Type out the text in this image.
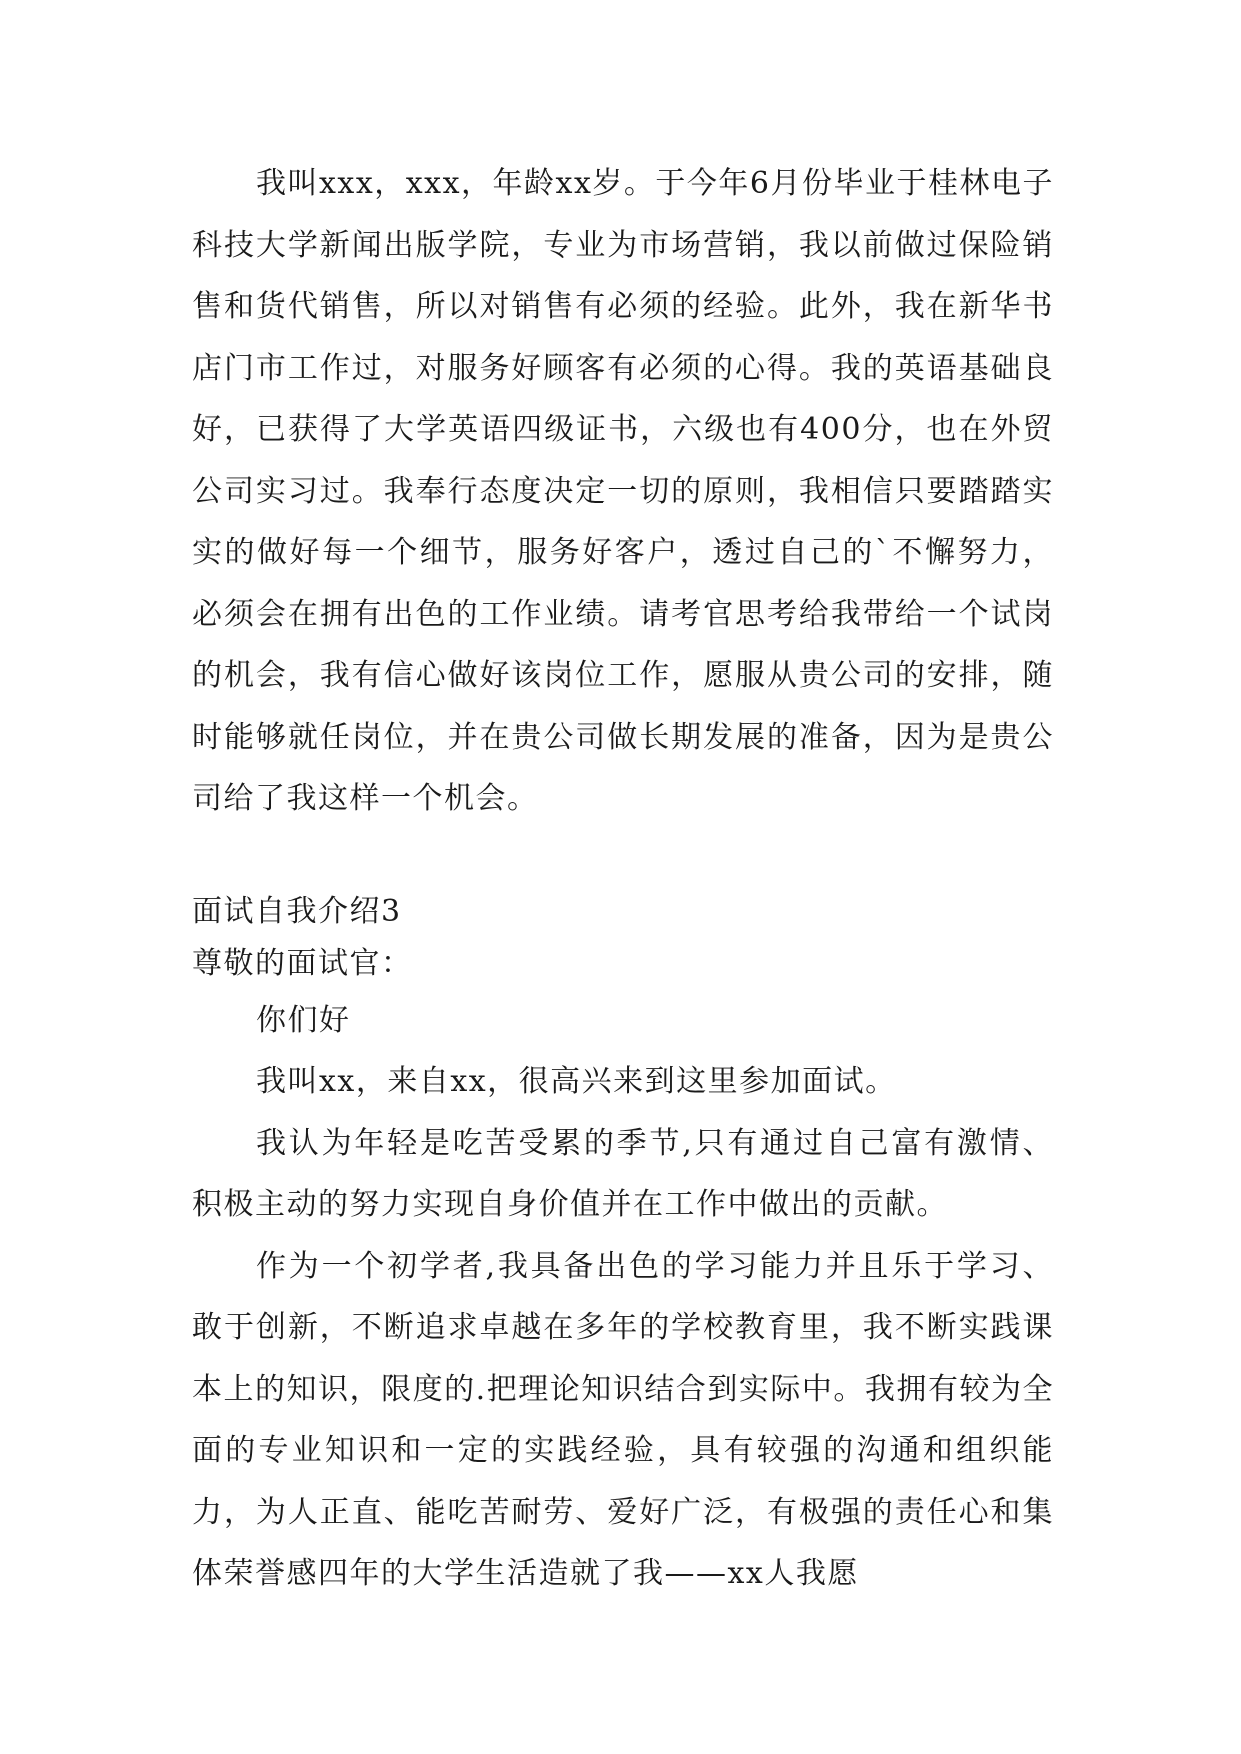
我叫xxx，xxx，年龄xx岁。于今年6月份毕业于桂林电子科技大学新闻出版学院，专业为市场营销，我以前做过保险销售和货代销售，所以对销售有必须的经验。此外，我在新华书店门市工作过，对服务好顾客有必须的心得。我的英语基础良好，已获得了大学英语四级证书，六级也有400分，也在外贸公司实习过。我奉行态度决定一切的原则，我相信只要踏踏实实的做好每一个细节，服务好客户，透过自己的`不懈努力，必须会在拥有出色的工作业绩。请考官思考给我带给一个试岗的机会，我有信心做好该岗位工作，愿服从贵公司的安排，随时能够就任岗位，并在贵公司做长期发展的准备，因为是贵公司给了我这样一个机会。

面试自我介绍3

尊敬的面试官：

你们好

我叫xx，来自xx，很高兴来到这里参加面试。

我认为年轻是吃苦受累的季节,只有通过自己富有激情、积极主动的努力实现自身价值并在工作中做出的贡献。

作为一个初学者,我具备出色的学习能力并且乐于学习、敢于创新，不断追求卓越在多年的学校教育里，我不断实践课本上的知识，限度的.把理论知识结合到实际中。我拥有较为全面的专业知识和一定的实践经验，具有较强的沟通和组织能力，为人正直、能吃苦耐劳、爱好广泛，有极强的责任心和集体荣誉感四年的大学生活造就了我——xx人我愿
